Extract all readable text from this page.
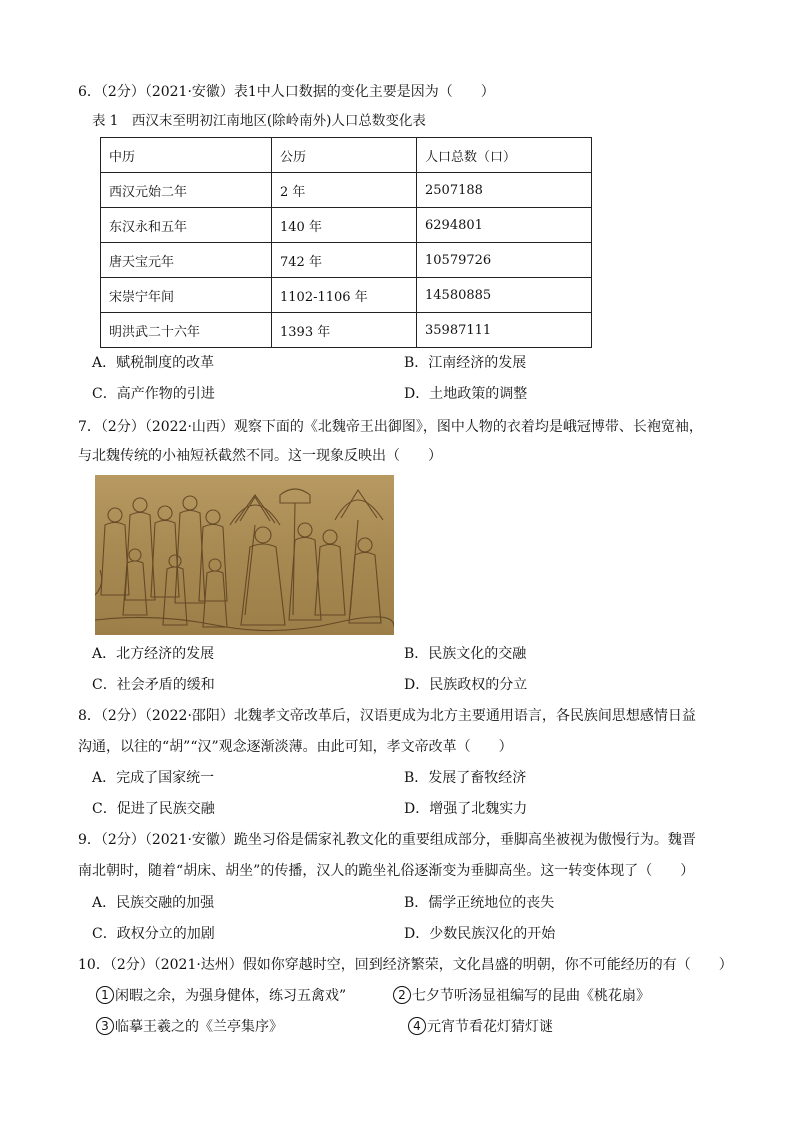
6．（2分）（2021·安徽）表1中人口数据的变化主要是因为（　　）
表 1　西汉末至明初江南地区(除岭南外)人口总数变化表
中历	公历	人口总数（口）
西汉元始二年	2 年	2507188
东汉永和五年	140 年	6294801
唐天宝元年	742 年	10579726
宋崇宁年间	1102-1106 年	14580885
明洪武二十六年	1393 年	35987111
A．赋税制度的改革	B．江南经济的发展
C．高产作物的引进	D．土地政策的调整
7．（2分）（2022·山西）观察下面的《北魏帝王出御图》，图中人物的衣着均是峨冠博带、长袍宽袖，
与北魏传统的小袖短袄截然不同。这一现象反映出（　　）
A．北方经济的发展	B．民族文化的交融
C．社会矛盾的缓和	D．民族政权的分立
8．（2分）（2022·邵阳）北魏孝文帝改革后，汉语更成为北方主要通用语言，各民族间思想感情日益
沟通，以往的“胡”“汉”观念逐渐淡薄。由此可知，孝文帝改革（　　）
A．完成了国家统一	B．发展了畜牧经济
C．促进了民族交融	D．增强了北魏实力
9．（2分）（2021·安徽）跪坐习俗是儒家礼教文化的重要组成部分，垂脚高坐被视为傲慢行为。魏晋
南北朝时，随着“胡床、胡坐”的传播，汉人的跪坐礼俗逐渐变为垂脚高坐。这一转变体现了（　　）
A．民族交融的加强	B．儒学正统地位的丧失
C．政权分立的加剧	D．少数民族汉化的开始
10．（2分）（2021·达州）假如你穿越时空，回到经济繁荣，文化昌盛的明朝，你不可能经历的有（　　）
1 闲暇之余，为强身健体，练习五禽戏”	2 七夕节听汤显祖编写的昆曲《桃花扇》
3 临摹王羲之的《兰亭集序》	4 元宵节看花灯猜灯谜
